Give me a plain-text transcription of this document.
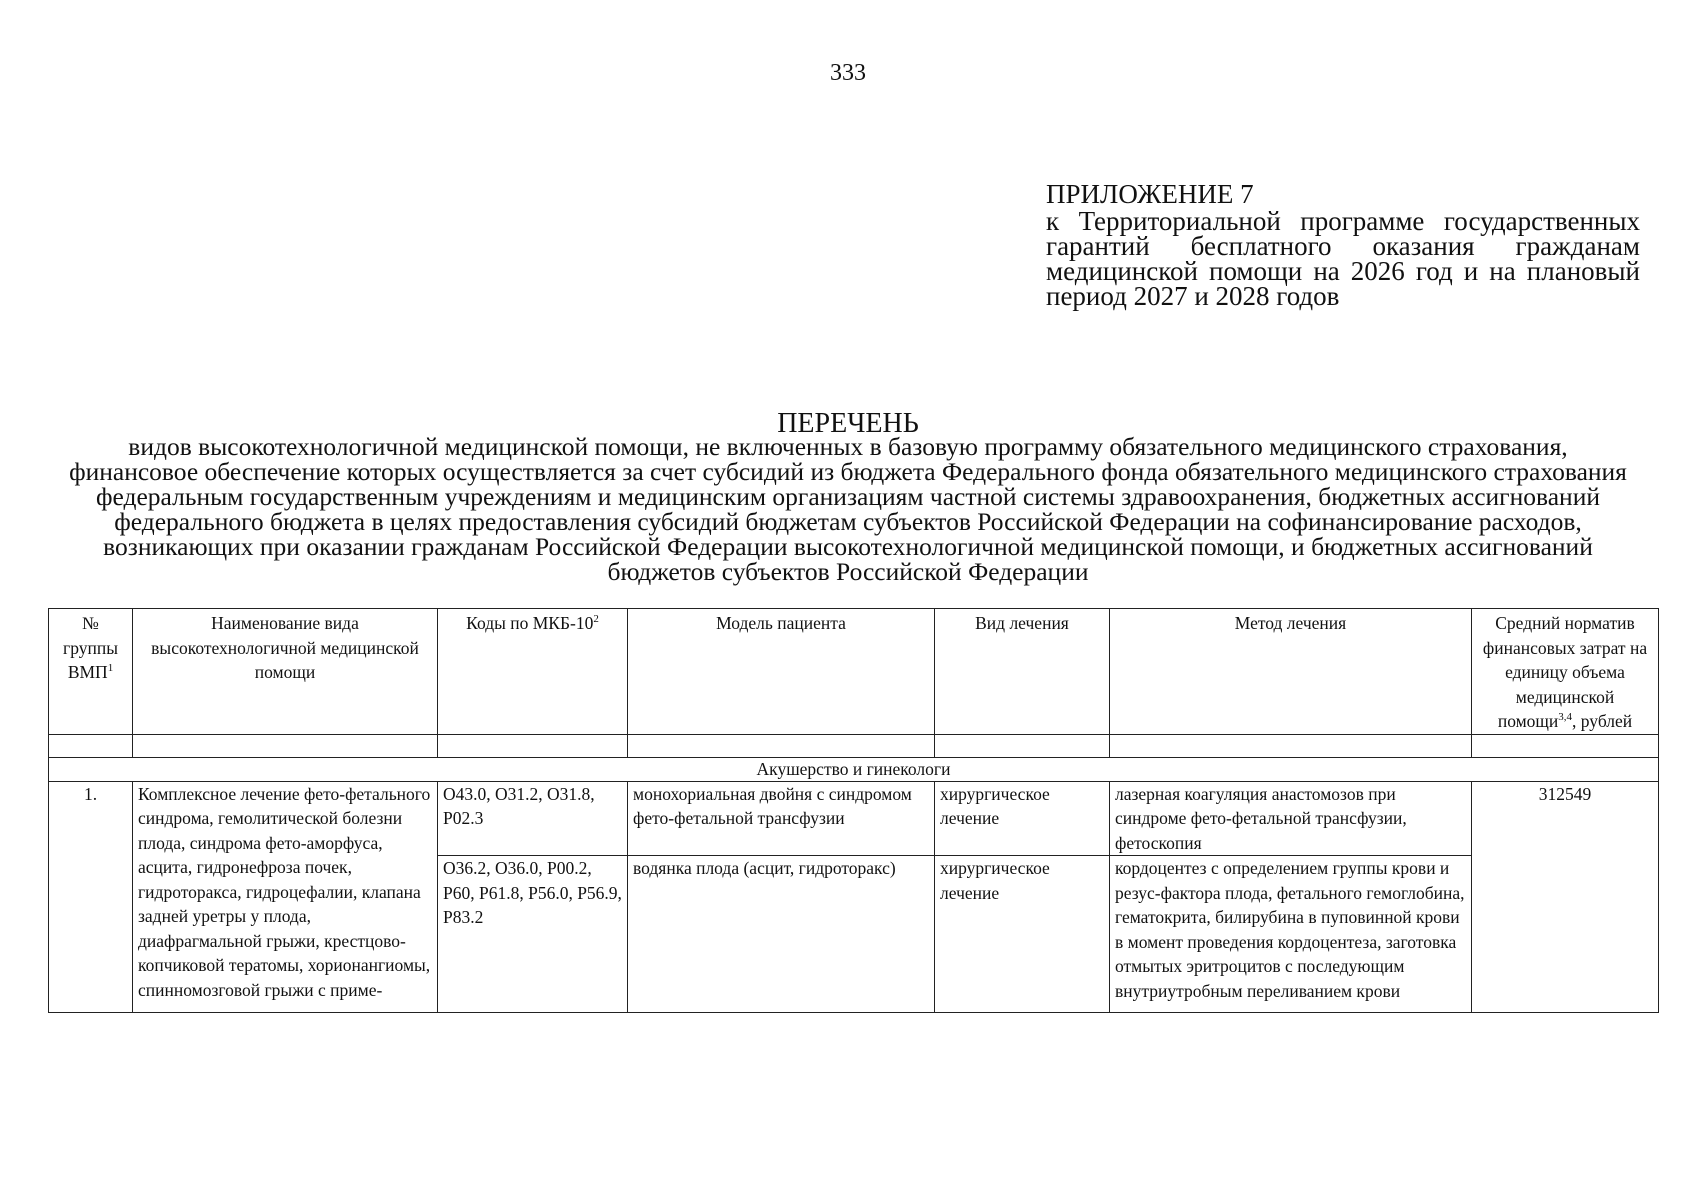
333
ПРИЛОЖЕНИЕ 7
к Территориальной программе государственных гарантий бесплатного оказания гражданам медицинской помощи на 2026 год и на плановый период 2027 и 2028 годов
ПЕРЕЧЕНЬ
видов высокотехнологичной медицинской помощи, не включенных в базовую программу обязательного медицинского страхования, финансовое обеспечение которых осуществляется за счет субсидий из бюджета Федерального фонда обязательного медицинского страхования федеральным государственным учреждениям и медицинским организациям частной системы здравоохранения, бюджетных ассигнований федерального бюджета в целях предоставления субсидий бюджетам субъектов Российской Федерации на софинансирование расходов, возникающих при оказании гражданам Российской Федерации высокотехнологичной медицинской помощи, и бюджетных ассигнований бюджетов субъектов Российской Федерации
№ группы ВМП$^1$	Наименование вида высокотехнологичной медицинской помощи	Коды по МКБ-$10^2$	Модель пациента	Вид лечения	Метод лечения	Средний норматив финансовых затрат на единицу объема медицинской помощи$^{3,4}$, рублей

Акушерство и гинекологи						
1.	Комплексное лечение фето-фетального синдрома, гемолитической болезни плода, синдрома фето-аморфуса, асцита, гидронефроза почек, гидроторакса, гидроцефалии, клапана задней уретры у плода, диафрагмальной грыжи, крестцово-копчиковой тератомы, хорионангиомы, спинномозговой грыжи с приме-	O43.0, O31.2, O31.8, P02.3	монохориальная двойня с синдромом фето-фетальной трансфузии	хирургическое лечение	лазерная коагуляция анастомозов при синдроме фето-фетальной трансфузии, фетоскопия	312549
		O36.2, O36.0, P00.2, P60, P61.8, P56.0, P56.9, P83.2	водянка плода (асцит, гидроторакс)	хирургическое лечение	кордоцентез с определением группы крови и резус-фактора плода, фетального гемоглобина, гематокрита, билирубина в пуповинной крови в момент проведения кордоцентеза, заготовка отмытых эритроцитов с последующим внутриутробным переливанием крови	
